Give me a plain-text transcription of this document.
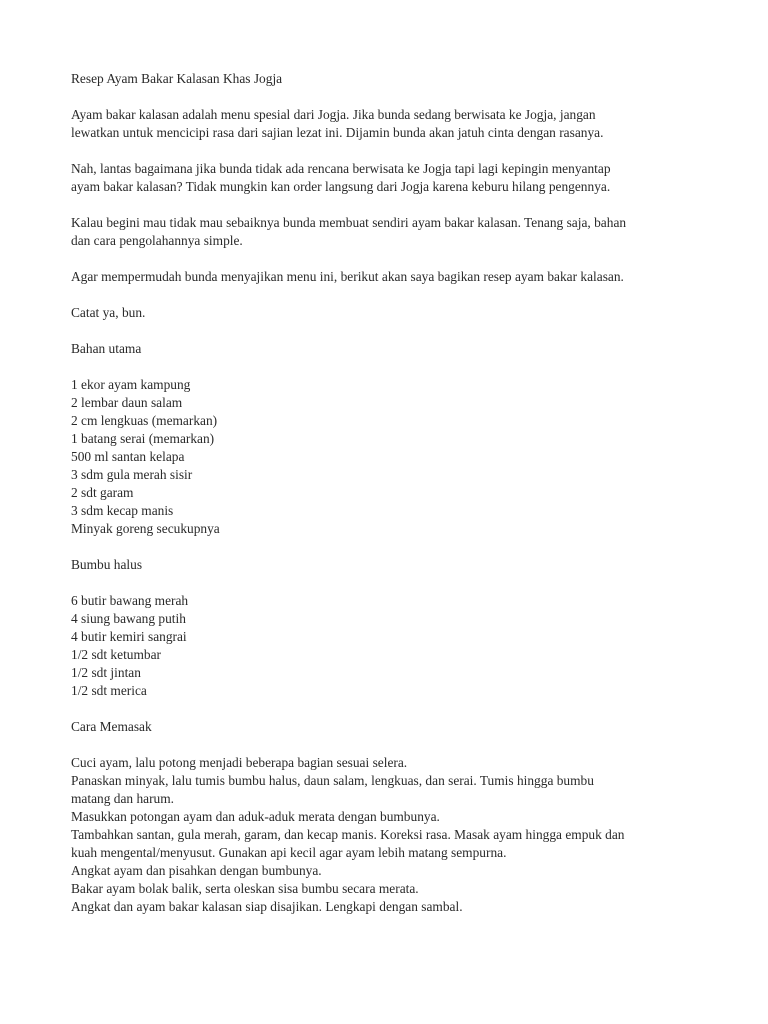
Resep Ayam Bakar Kalasan Khas Jogja

Ayam bakar kalasan adalah menu spesial dari Jogja. Jika bunda sedang berwisata ke Jogja, jangan
lewatkan untuk mencicipi rasa dari sajian lezat ini. Dijamin bunda akan jatuh cinta dengan rasanya.
Nah, lantas bagaimana jika bunda tidak ada rencana berwisata ke Jogja tapi lagi kepingin menyantap
ayam bakar kalasan? Tidak mungkin kan order langsung dari Jogja karena keburu hilang pengennya.
Kalau begini mau tidak mau sebaiknya bunda membuat sendiri ayam bakar kalasan. Tenang saja, bahan
dan cara pengolahannya simple.
Agar mempermudah bunda menyajikan menu ini, berikut akan saya bagikan resep ayam bakar kalasan.
Catat ya, bun.

Bahan utama

1 ekor ayam kampung
2 lembar daun salam
2 cm lengkuas (memarkan)
1 batang serai (memarkan)
500 ml santan kelapa
3 sdm gula merah sisir
2 sdt garam
3 sdm kecap manis
Minyak goreng secukupnya

Bumbu halus

6 butir bawang merah
4 siung bawang putih
4 butir kemiri sangrai
1/2 sdt ketumbar
1/2 sdt jintan
1/2 sdt merica

Cara Memasak

Cuci ayam, lalu potong menjadi beberapa bagian sesuai selera.
Panaskan minyak, lalu tumis bumbu halus, daun salam, lengkuas, dan serai. Tumis hingga bumbu
matang dan harum.
Masukkan potongan ayam dan aduk-aduk merata dengan bumbunya.
Tambahkan santan, gula merah, garam, dan kecap manis. Koreksi rasa. Masak ayam hingga empuk dan
kuah mengental/menyusut. Gunakan api kecil agar ayam lebih matang sempurna.
Angkat ayam dan pisahkan dengan bumbunya.
Bakar ayam bolak balik, serta oleskan sisa bumbu secara merata.
Angkat dan ayam bakar kalasan siap disajikan. Lengkapi dengan sambal.
